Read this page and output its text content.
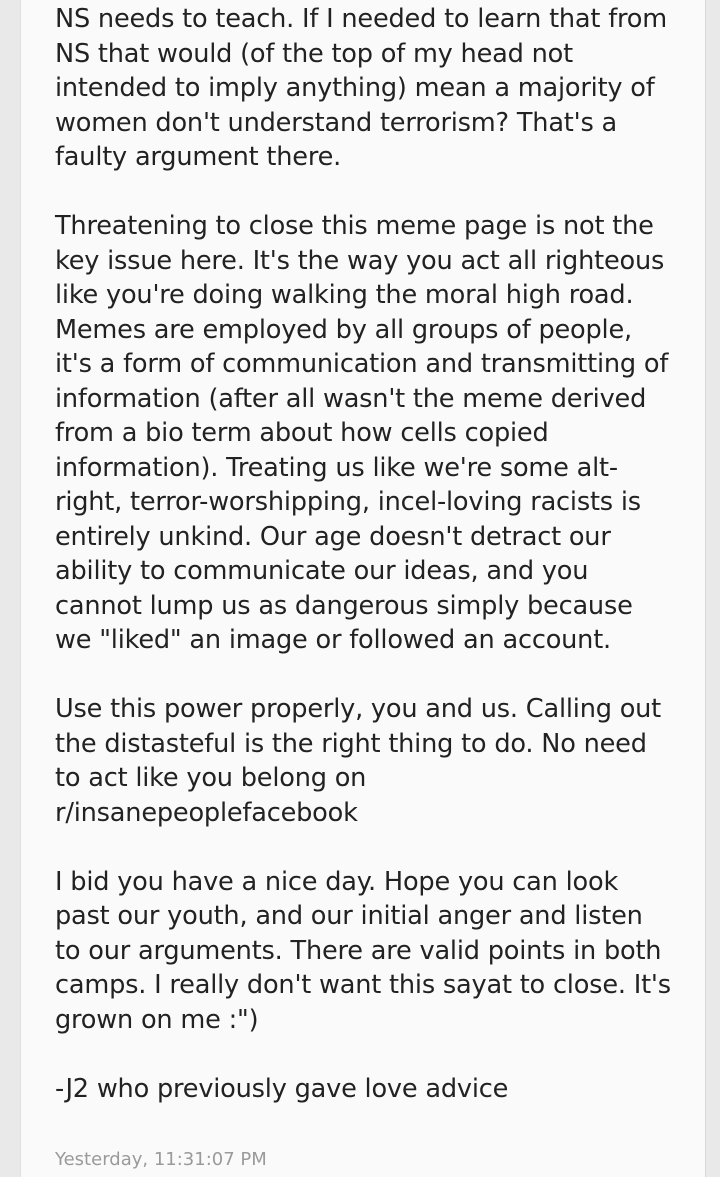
NS needs to teach. If I needed to learn that from
NS that would (of the top of my head not
intended to imply anything) mean a majority of
women don't understand terrorism? That's a
faulty argument there.
Threatening to close this meme page is not the
key issue here. It's the way you act all righteous
like you're doing walking the moral high road.
Memes are employed by all groups of people,
it's a form of communication and transmitting of
information (after all wasn't the meme derived
from a bio term about how cells copied
information). Treating us like we're some alt-
right, terror-worshipping, incel-loving racists is
entirely unkind. Our age doesn't detract our
ability to communicate our ideas, and you
cannot lump us as dangerous simply because
we "liked" an image or followed an account.
Use this power properly, you and us. Calling out
the distasteful is the right thing to do. No need
to act like you belong on
r/insanepeoplefacebook
I bid you have a nice day. Hope you can look
past our youth, and our initial anger and listen
to our arguments. There are valid points in both
camps. I really don't want this sayat to close. It's
grown on me :")
-J2 who previously gave love advice
Yesterday, 11:31:07 PM
